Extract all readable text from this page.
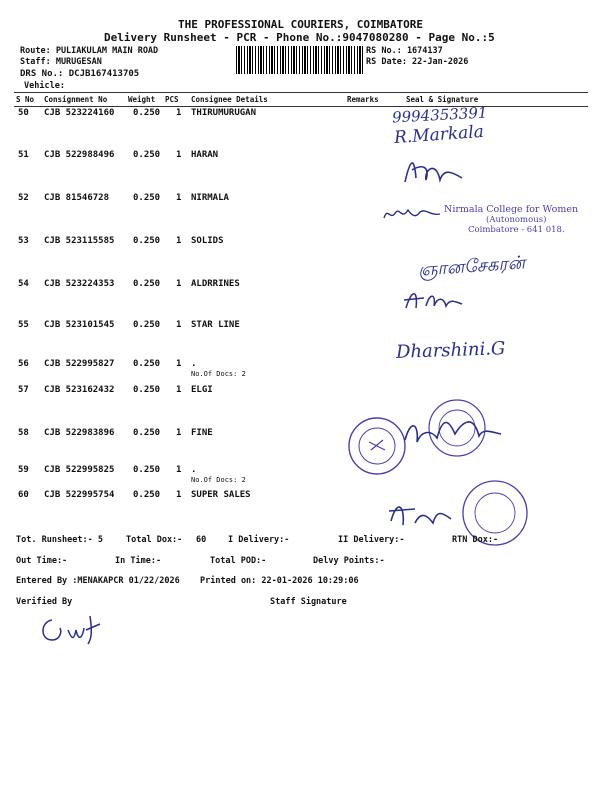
THE PROFESSIONAL COURIERS, COIMBATORE
Delivery Runsheet - PCR - Phone No.:9047080280 - Page No.:5
Route: PULIAKULAM MAIN ROAD
Staff: MURUGESAN
DRS No.: DCJB167413705
Vehicle:
RS No.: 1674137
RS Date: 22-Jan-2026
S No Consignment No	Weight PCS Consignee Details	Remarks	Seal & Signature
50 CJB 523224160 0.250 1 THIRUMURUGAN
51 CJB 522988496 0.250 1 HARAN
52 CJB 81546728	0.250 1 NIRMALA
53 CJB 523115585 0.250 1 SOLIDS
54 CJB 523224353 0.250 1 ALDRRINES
55 CJB 523101545 0.250 1 STAR LINE
56 CJB 522995827 0.250 1 .
No.Of Docs: 2
57 CJB 523162432 0.250 1 ELGI
58 CJB 522983896 0.250 1 FINE
59 CJB 522995825 0.250 1 .
No.Of Docs: 2
60 CJB 522995754 0.250 1 SUPER SALES
9994353391
R.Markala
Nirmala College for Women
(Autonomous)
Coimbatore - 641 018.
ஞானசேகரன்
Dharshini.G
Tot. Runsheet:- 5	Total Dox:- 60	I Delivery:-	II Delivery:-	RTN Dox:-
Out Time:-	In Time:-	Total POD:-	Delvy Points:-
Entered By :MENAKAPCR 01/22/2026 Printed on: 22-01-2026 10:29:06
Verified By	Staff Signature
